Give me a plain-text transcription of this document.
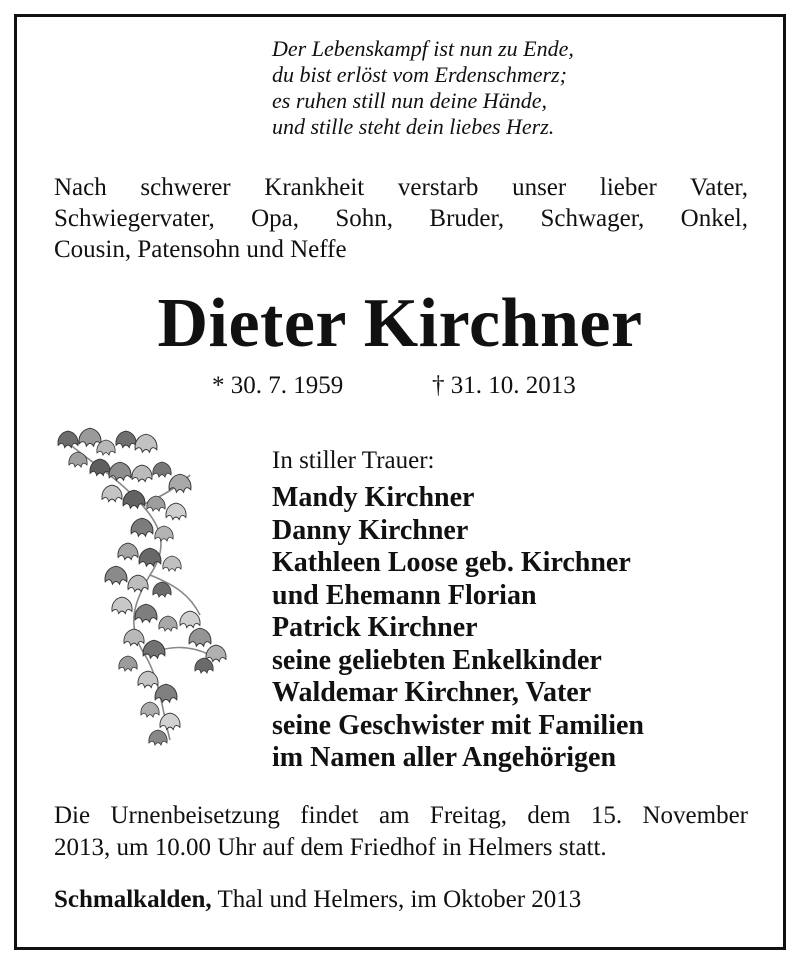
Der Lebenskampf ist nun zu Ende,
du bist erlöst vom Erdenschmerz;
es ruhen still nun deine Hände,
und stille steht dein liebes Herz.
Nach schwerer Krankheit verstarb unser lieber Vater,
Schwiegervater, Opa, Sohn, Bruder, Schwager, Onkel,
Cousin, Patensohn und Neffe
Dieter Kirchner
* 30. 7. 1959	† 31. 10. 2013
In stiller Trauer:
Mandy Kirchner
Danny Kirchner
Kathleen Loose geb. Kirchner
und Ehemann Florian
Patrick Kirchner
seine geliebten Enkelkinder
Waldemar Kirchner, Vater
seine Geschwister mit Familien
im Namen aller Angehörigen
Die Urnenbeisetzung findet am Freitag, dem 15. November
2013, um 10.00 Uhr auf dem Friedhof in Helmers statt.
Schmalkalden, Thal und Helmers, im Oktober 2013
